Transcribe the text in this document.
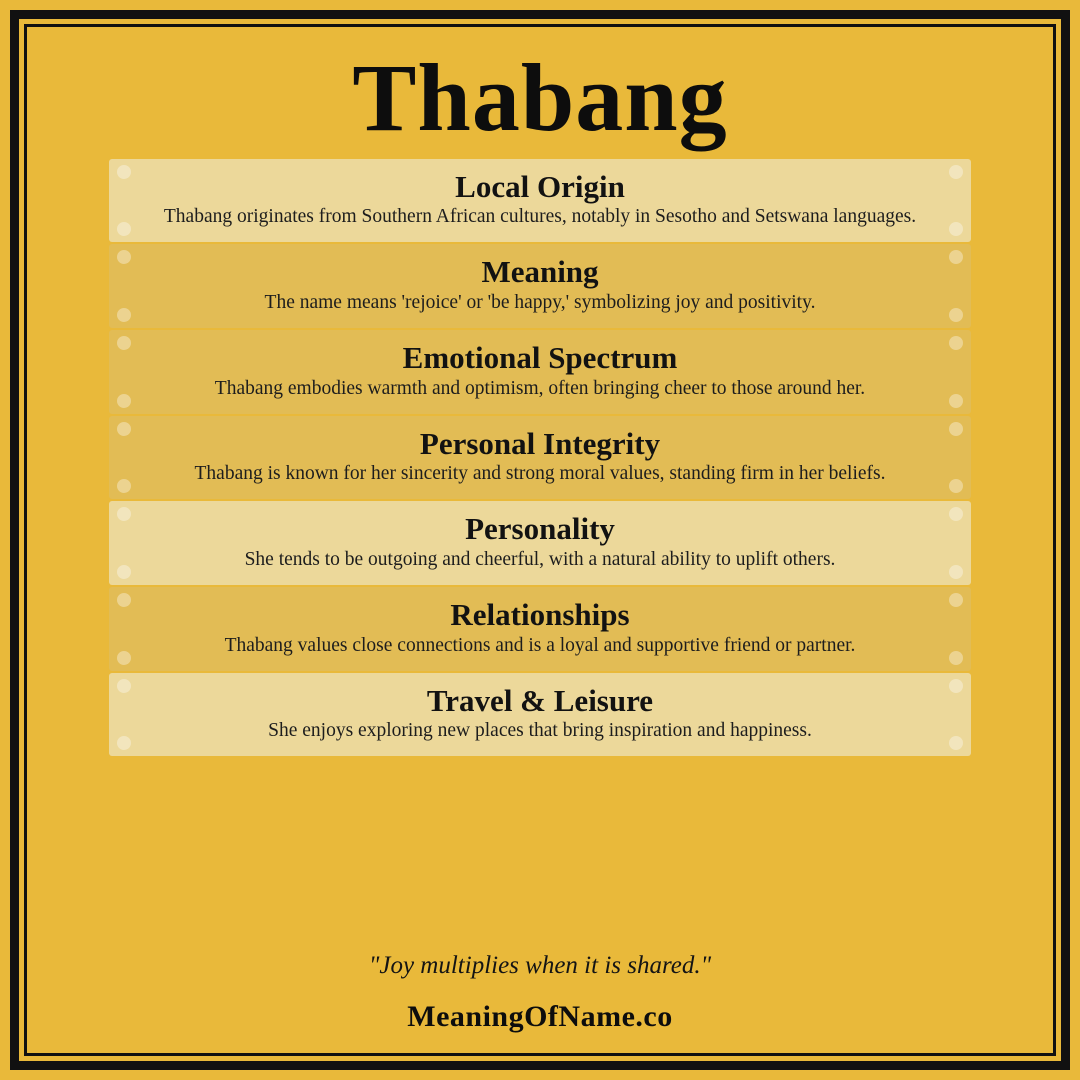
Thabang
Local Origin
Thabang originates from Southern African cultures, notably in Sesotho and Setswana languages.
Meaning
The name means 'rejoice' or 'be happy,' symbolizing joy and positivity.
Emotional Spectrum
Thabang embodies warmth and optimism, often bringing cheer to those around her.
Personal Integrity
Thabang is known for her sincerity and strong moral values, standing firm in her beliefs.
Personality
She tends to be outgoing and cheerful, with a natural ability to uplift others.
Relationships
Thabang values close connections and is a loyal and supportive friend or partner.
Travel & Leisure
She enjoys exploring new places that bring inspiration and happiness.
"Joy multiplies when it is shared."
MeaningOfName.co
